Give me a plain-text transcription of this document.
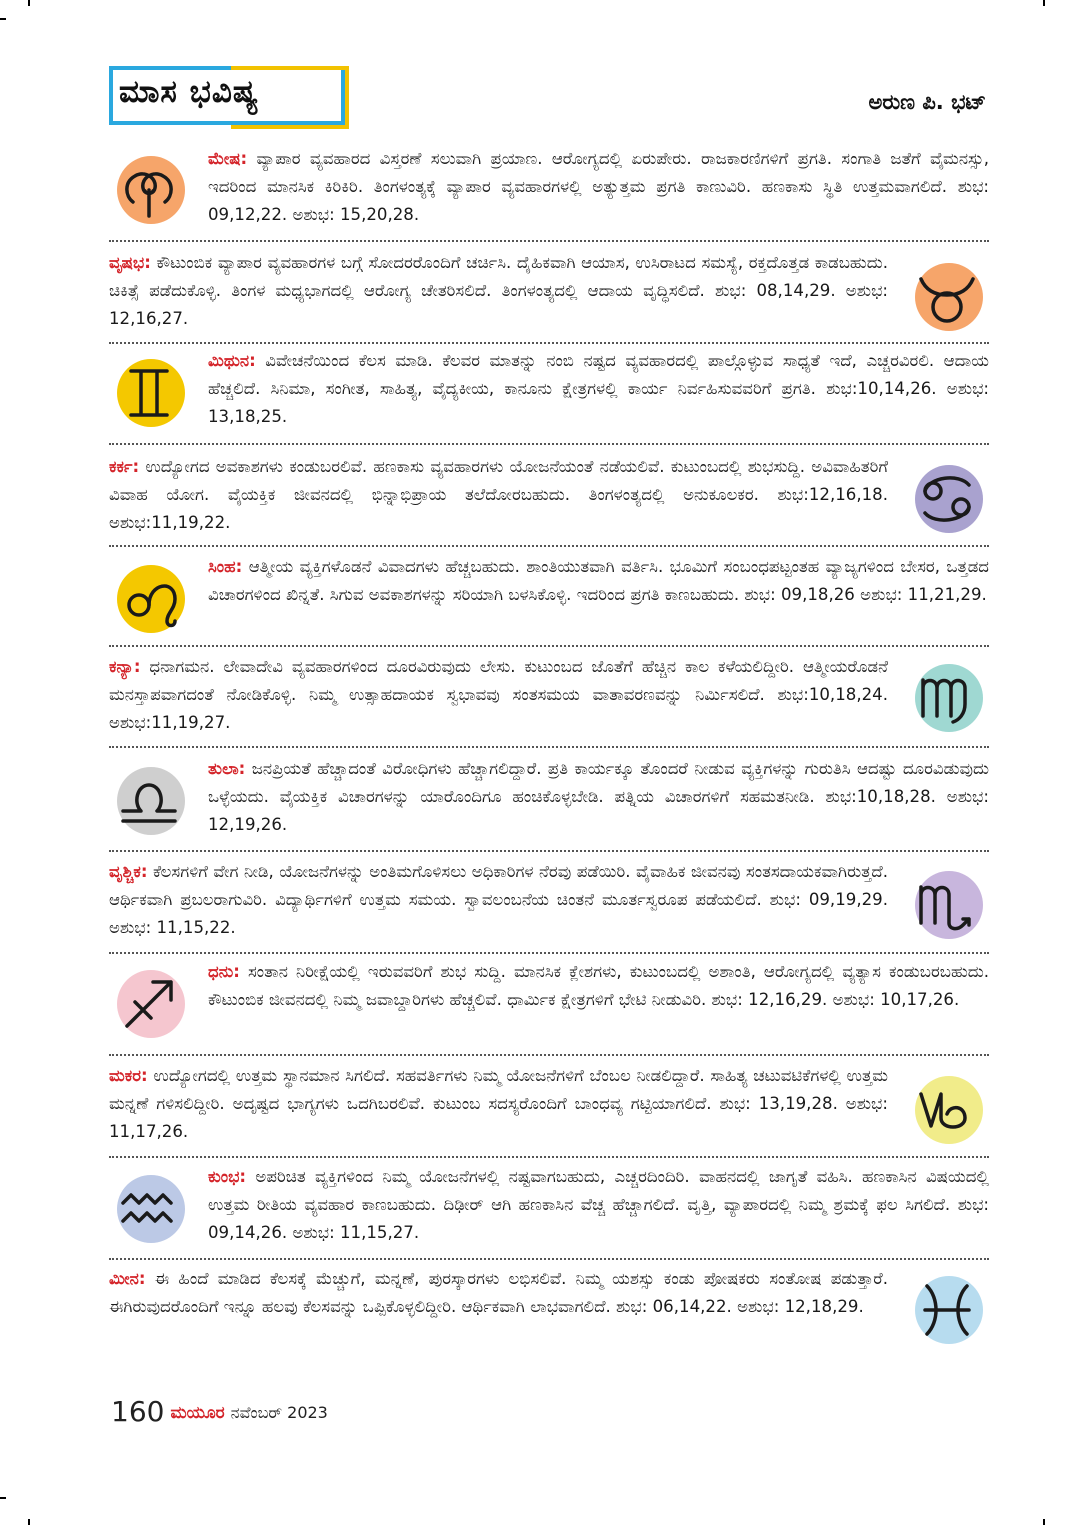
ಮಾಸ ಭವಿಷ್ಯ	ಅರುಣ ಪಿ. ಭಟ್
ಮೇಷ: ವ್ಯಾಪಾರ ವ್ಯವಹಾರದ ವಿಸ್ತರಣೆ ಸಲುವಾಗಿ ಪ್ರಯಾಣ. ಆರೋಗ್ಯದಲ್ಲಿ ಏರುಪೇರು. ರಾಜಕಾರಣಿಗಳಿಗೆ ಪ್ರಗತಿ. ಸಂಗಾತಿ ಜತೆಗೆ ವೈಮನಸ್ಸು, ಇದರಿಂದ ಮಾನಸಿಕ ಕಿರಿಕಿರಿ. ತಿಂಗಳಂತ್ಯಕ್ಕೆ ವ್ಯಾಪಾರ ವ್ಯವಹಾರಗಳಲ್ಲಿ ಅತ್ಯುತ್ತಮ ಪ್ರಗತಿ ಕಾಣುವಿರಿ. ಹಣಕಾಸು ಸ್ಥಿತಿ ಉತ್ತಮವಾಗಲಿದೆ. ಶುಭ: 09,12,22. ಅಶುಭ: 15,20,28.
ವೃಷಭ: ಕೌಟುಂಬಿಕ ವ್ಯಾಪಾರ ವ್ಯವಹಾರಗಳ ಬಗ್ಗೆ ಸೋದರರೊಂದಿಗೆ ಚರ್ಚಿಸಿ. ದೈಹಿಕವಾಗಿ ಆಯಾಸ, ಉಸಿರಾಟದ ಸಮಸ್ಯೆ, ರಕ್ತದೊತ್ತಡ ಕಾಡಬಹುದು. ಚಿಕಿತ್ಸೆ ಪಡೆದುಕೊಳ್ಳಿ. ತಿಂಗಳ ಮಧ್ಯಭಾಗದಲ್ಲಿ ಆರೋಗ್ಯ ಚೇತರಿಸಲಿದೆ. ತಿಂಗಳಂತ್ಯದಲ್ಲಿ ಆದಾಯ ವೃದ್ಧಿಸಲಿದೆ. ಶುಭ: 08,14,29. ಅಶುಭ: 12,16,27.
ಮಿಥುನ: ವಿವೇಚನೆಯಿಂದ ಕೆಲಸ ಮಾಡಿ. ಕೆಲವರ ಮಾತನ್ನು ನಂಬಿ ನಷ್ಟದ ವ್ಯವಹಾರದಲ್ಲಿ ಪಾಲ್ಗೊಳ್ಳುವ ಸಾಧ್ಯತೆ ಇದೆ, ಎಚ್ಚರವಿರಲಿ. ಆದಾಯ ಹೆಚ್ಚಲಿದೆ. ಸಿನಿಮಾ, ಸಂಗೀತ, ಸಾಹಿತ್ಯ, ವೈದ್ಯಕೀಯ, ಕಾನೂನು ಕ್ಷೇತ್ರಗಳಲ್ಲಿ ಕಾರ್ಯ ನಿರ್ವಹಿಸುವವರಿಗೆ ಪ್ರಗತಿ. ಶುಭ:10,14,26. ಅಶುಭ: 13,18,25.
ಕರ್ಕ: ಉದ್ಯೋಗದ ಅವಕಾಶಗಳು ಕಂಡುಬರಲಿವೆ. ಹಣಕಾಸು ವ್ಯವಹಾರಗಳು ಯೋಜನೆಯಂತೆ ನಡೆಯಲಿವೆ. ಕುಟುಂಬದಲ್ಲಿ ಶುಭಸುದ್ದಿ. ಅವಿವಾಹಿತರಿಗೆ ವಿವಾಹ ಯೋಗ. ವೈಯಕ್ತಿಕ ಜೀವನದಲ್ಲಿ ಭಿನ್ನಾಭಿಪ್ರಾಯ ತಲೆದೋರಬಹುದು. ತಿಂಗಳಂತ್ಯದಲ್ಲಿ ಅನುಕೂಲಕರ. ಶುಭ:12,16,18. ಅಶುಭ:11,19,22.
ಸಿಂಹ: ಆತ್ಮೀಯ ವ್ಯಕ್ತಿಗಳೊಡನೆ ವಿವಾದಗಳು ಹೆಚ್ಚಬಹುದು. ಶಾಂತಿಯುತವಾಗಿ ವರ್ತಿಸಿ. ಭೂಮಿಗೆ ಸಂಬಂಧಪಟ್ಟಂತಹ ವ್ಯಾಜ್ಯಗಳಿಂದ ಬೇಸರ, ಒತ್ತಡದ ವಿಚಾರಗಳಿಂದ ಖಿನ್ನತೆ. ಸಿಗುವ ಅವಕಾಶಗಳನ್ನು ಸರಿಯಾಗಿ ಬಳಸಿಕೊಳ್ಳಿ. ಇದರಿಂದ ಪ್ರಗತಿ ಕಾಣಬಹುದು. ಶುಭ: 09,18,26 ಅಶುಭ: 11,21,29.
ಕನ್ಯಾ: ಧನಾಗಮನ. ಲೇವಾದೇವಿ ವ್ಯವಹಾರಗಳಿಂದ ದೂರವಿರುವುದು ಲೇಸು. ಕುಟುಂಬದ ಜೊತೆಗೆ ಹೆಚ್ಚಿನ ಕಾಲ ಕಳೆಯಲಿದ್ದೀರಿ. ಆತ್ಮೀಯರೊಡನೆ ಮನಸ್ತಾಪವಾಗದಂತೆ ನೋಡಿಕೊಳ್ಳಿ. ನಿಮ್ಮ ಉತ್ಸಾಹದಾಯಕ ಸ್ವಭಾವವು ಸಂತಸಮಯ ವಾತಾವರಣವನ್ನು ನಿರ್ಮಿಸಲಿದೆ. ಶುಭ:10,18,24. ಅಶುಭ:11,19,27.
ತುಲಾ: ಜನಪ್ರಿಯತೆ ಹೆಚ್ಚಾದಂತೆ ವಿರೋಧಿಗಳು ಹೆಚ್ಚಾಗಲಿದ್ದಾರೆ. ಪ್ರತಿ ಕಾರ್ಯಕ್ಕೂ ತೊಂದರೆ ನೀಡುವ ವ್ಯಕ್ತಿಗಳನ್ನು ಗುರುತಿಸಿ ಆದಷ್ಟು ದೂರವಿಡುವುದು ಒಳ್ಳೆಯದು. ವೈಯಕ್ತಿಕ ವಿಚಾರಗಳನ್ನು ಯಾರೊಂದಿಗೂ ಹಂಚಿಕೊಳ್ಳಬೇಡಿ. ಪತ್ನಿಯ ವಿಚಾರಗಳಿಗೆ ಸಹಮತನೀಡಿ. ಶುಭ:10,18,28. ಅಶುಭ: 12,19,26.
ವೃಶ್ಚಿಕ: ಕೆಲಸಗಳಿಗೆ ವೇಗ ನೀಡಿ, ಯೋಜನೆಗಳನ್ನು ಅಂತಿಮಗೊಳಿಸಲು ಅಧಿಕಾರಿಗಳ ನೆರವು ಪಡೆಯಿರಿ. ವೈವಾಹಿಕ ಜೀವನವು ಸಂತಸದಾಯಕವಾಗಿರುತ್ತದೆ. ಆರ್ಥಿಕವಾಗಿ ಪ್ರಬಲರಾಗುವಿರಿ. ವಿದ್ಯಾರ್ಥಿಗಳಿಗೆ ಉತ್ತಮ ಸಮಯ. ಸ್ವಾವಲಂಬನೆಯ ಚಿಂತನೆ ಮೂರ್ತಸ್ವರೂಪ ಪಡೆಯಲಿದೆ. ಶುಭ: 09,19,29. ಅಶುಭ: 11,15,22.
ಧನು: ಸಂತಾನ ನಿರೀಕ್ಷೆಯಲ್ಲಿ ಇರುವವರಿಗೆ ಶುಭ ಸುದ್ದಿ. ಮಾನಸಿಕ ಕ್ಲೇಶಗಳು, ಕುಟುಂಬದಲ್ಲಿ ಅಶಾಂತಿ, ಆರೋಗ್ಯದಲ್ಲಿ ವ್ಯತ್ಯಾಸ ಕಂಡುಬರಬಹುದು. ಕೌಟುಂಬಿಕ ಜೀವನದಲ್ಲಿ ನಿಮ್ಮ ಜವಾಬ್ದಾರಿಗಳು ಹೆಚ್ಚಲಿವೆ. ಧಾರ್ಮಿಕ ಕ್ಷೇತ್ರಗಳಿಗೆ ಭೇಟಿ ನೀಡುವಿರಿ. ಶುಭ: 12,16,29. ಅಶುಭ: 10,17,26.
ಮಕರ: ಉದ್ಯೋಗದಲ್ಲಿ ಉತ್ತಮ ಸ್ಥಾನಮಾನ ಸಿಗಲಿದೆ. ಸಹವರ್ತಿಗಳು ನಿಮ್ಮ ಯೋಜನೆಗಳಿಗೆ ಬೆಂಬಲ ನೀಡಲಿದ್ದಾರೆ. ಸಾಹಿತ್ಯ ಚಟುವಟಿಕೆಗಳಲ್ಲಿ ಉತ್ತಮ ಮನ್ನಣೆ ಗಳಿಸಲಿದ್ದೀರಿ. ಅದೃಷ್ಟದ ಭಾಗ್ಯಗಳು ಒದಗಿಬರಲಿವೆ. ಕುಟುಂಬ ಸದಸ್ಯರೊಂದಿಗೆ ಬಾಂಧವ್ಯ ಗಟ್ಟಿಯಾಗಲಿದೆ. ಶುಭ: 13,19,28. ಅಶುಭ: 11,17,26.
ಕುಂಭ: ಅಪರಿಚಿತ ವ್ಯಕ್ತಿಗಳಿಂದ ನಿಮ್ಮ ಯೋಜನೆಗಳಲ್ಲಿ ನಷ್ಟವಾಗಬಹುದು, ಎಚ್ಚರದಿಂದಿರಿ. ವಾಹನದಲ್ಲಿ ಜಾಗೃತೆ ವಹಿಸಿ. ಹಣಕಾಸಿನ ವಿಷಯದಲ್ಲಿ ಉತ್ತಮ ರೀತಿಯ ವ್ಯವಹಾರ ಕಾಣಬಹುದು. ದಿಢೀರ್ ಆಗಿ ಹಣಕಾಸಿನ ವೆಚ್ಚ ಹೆಚ್ಚಾಗಲಿದೆ. ವೃತ್ತಿ, ವ್ಯಾಪಾರದಲ್ಲಿ ನಿಮ್ಮ ಶ್ರಮಕ್ಕೆ ಫಲ ಸಿಗಲಿದೆ. ಶುಭ: 09,14,26. ಅಶುಭ: 11,15,27.
ಮೀನ: ಈ ಹಿಂದೆ ಮಾಡಿದ ಕೆಲಸಕ್ಕೆ ಮೆಚ್ಚುಗೆ, ಮನ್ನಣೆ, ಪುರಸ್ಕಾರಗಳು ಲಭಿಸಲಿವೆ. ನಿಮ್ಮ ಯಶಸ್ಸು ಕಂಡು ಪೋಷಕರು ಸಂತೋಷ ಪಡುತ್ತಾರೆ. ಈಗಿರುವುದರೊಂದಿಗೆ ಇನ್ನೂ ಹಲವು ಕೆಲಸವನ್ನು ಒಪ್ಪಿಕೊಳ್ಳಲಿದ್ದೀರಿ. ಆರ್ಥಿಕವಾಗಿ ಲಾಭವಾಗಲಿದೆ. ಶುಭ: 06,14,22. ಅಶುಭ: 12,18,29.
160 ಮಯೂರ ನವೆಂಬರ್ 2023
